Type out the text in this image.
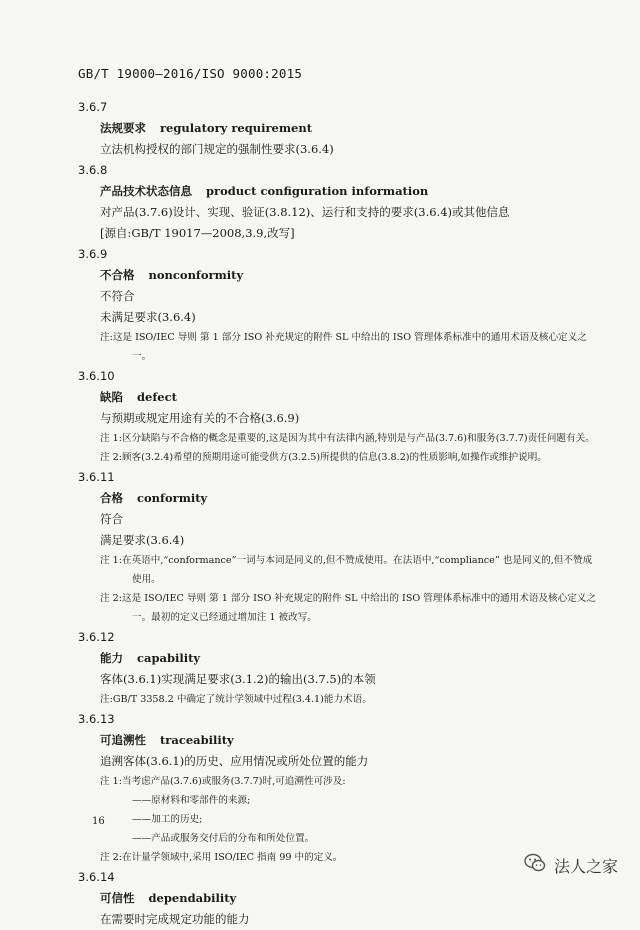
GB/T 19000—2016/ISO 9000:2015
3.6.7
法规要求 regulatory requirement
立法机构授权的部门规定的强制性要求(3.6.4)
3.6.8
产品技术状态信息 product configuration information
对产品(3.7.6)设计、实现、验证(3.8.12)、运行和支持的要求(3.6.4)或其他信息
[源自:GB/T 19017—2008,3.9,改写]
3.6.9
不合格 nonconformity
不符合
未满足要求(3.6.4)
注:这是 ISO/IEC 导则 第 1 部分 ISO 补充规定的附件 SL 中给出的 ISO 管理体系标准中的通用术语及核心定义之一。
3.6.10
缺陷 defect
与预期或规定用途有关的不合格(3.6.9)
注 1:区分缺陷与不合格的概念是重要的,这是因为其中有法律内涵,特别是与产品(3.7.6)和服务(3.7.7)责任问题有关。
注 2:顾客(3.2.4)希望的预期用途可能受供方(3.2.5)所提供的信息(3.8.2)的性质影响,如操作或维护说明。
3.6.11
合格 conformity
符合
满足要求(3.6.4)
注 1:在英语中,“conformance”一词与本词是同义的,但不赞成使用。在法语中,“compliance” 也是同义的,但不赞成使用。
注 2:这是 ISO/IEC 导则 第 1 部分 ISO 补充规定的附件 SL 中给出的 ISO 管理体系标准中的通用术语及核心定义之一。最初的定义已经通过增加注 1 被改写。
3.6.12
能力 capability
客体(3.6.1)实现满足要求(3.1.2)的输出(3.7.5)的本领
注:GB/T 3358.2 中确定了统计学领域中过程(3.4.1)能力术语。
3.6.13
可追溯性 traceability
追溯客体(3.6.1)的历史、应用情况或所处位置的能力
注 1:当考虑产品(3.7.6)或服务(3.7.7)时,可追溯性可涉及:
——原材料和零部件的来源;
——加工的历史;
——产品或服务交付后的分布和所处位置。
注 2:在计量学领域中,采用 ISO/IEC 指南 99 中的定义。
3.6.14
可信性 dependability
在需要时完成规定功能的能力
16
法人之家
